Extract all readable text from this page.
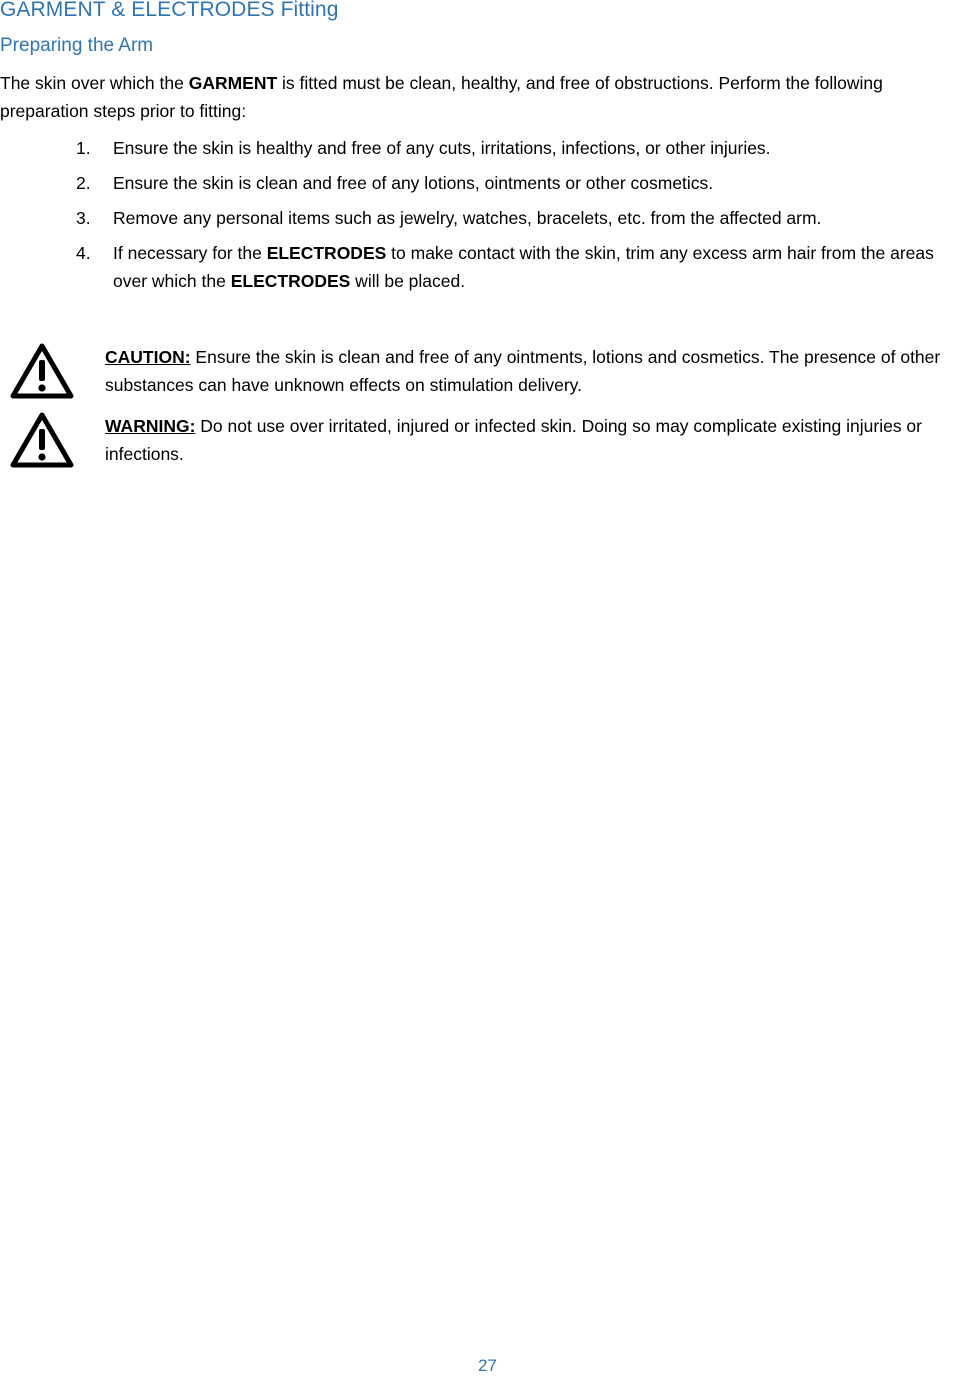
GARMENT & ELECTRODES Fitting
Preparing the Arm
The skin over which the GARMENT is fitted must be clean, healthy, and free of obstructions. Perform the following preparation steps prior to fitting:
1. Ensure the skin is healthy and free of any cuts, irritations, infections, or other injuries.
2. Ensure the skin is clean and free of any lotions, ointments or other cosmetics.
3. Remove any personal items such as jewelry, watches, bracelets, etc. from the affected arm.
4. If necessary for the ELECTRODES to make contact with the skin, trim any excess arm hair from the areas over which the ELECTRODES will be placed.
CAUTION: Ensure the skin is clean and free of any ointments, lotions and cosmetics. The presence of other substances can have unknown effects on stimulation delivery.
WARNING: Do not use over irritated, injured or infected skin. Doing so may complicate existing injuries or infections.
27
